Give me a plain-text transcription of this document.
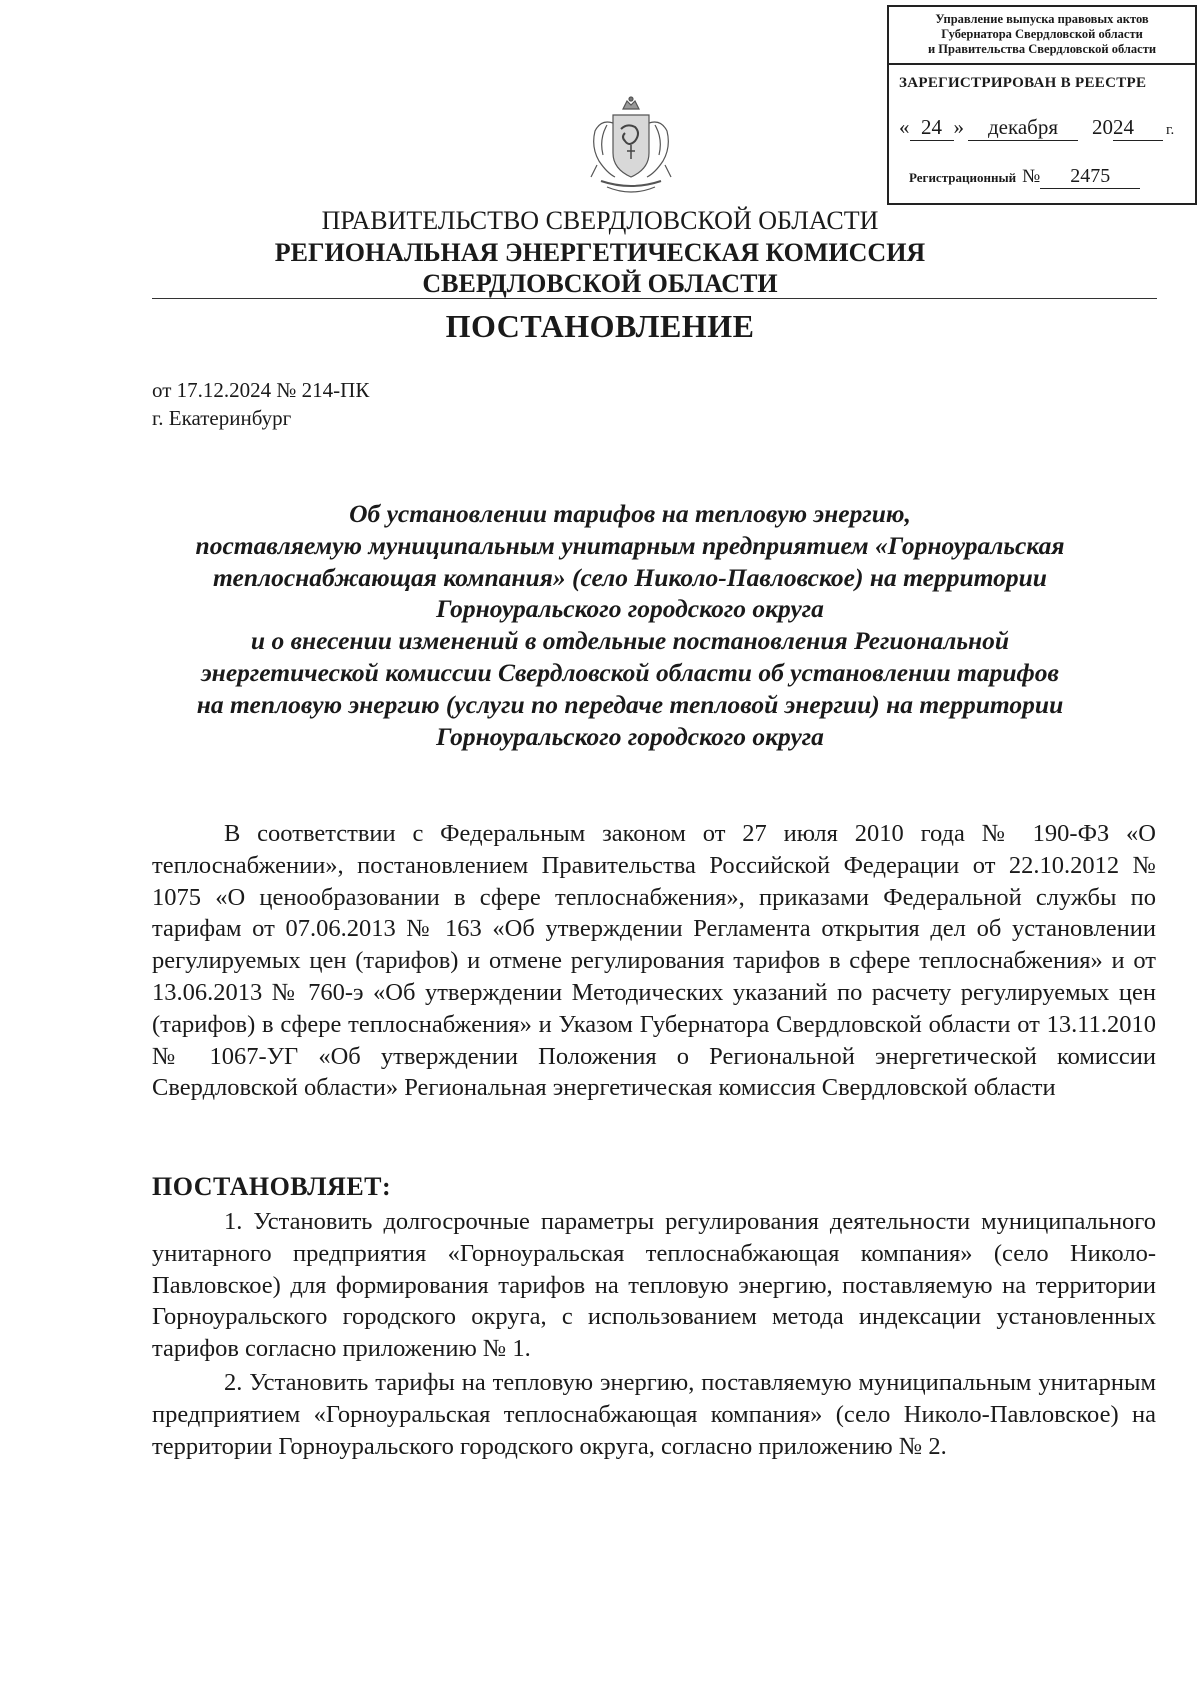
Управление выпуска правовых актов
Губернатора Свердловской области
и Правительства Свердловской области
ЗАРЕГИСТРИРОВАН В РЕЕСТРЕ
« 24 » декабря 2024 г.
Регистрационный № 2475
ПРАВИТЕЛЬСТВО СВЕРДЛОВСКОЙ ОБЛАСТИ
РЕГИОНАЛЬНАЯ ЭНЕРГЕТИЧЕСКАЯ КОМИССИЯ
СВЕРДЛОВСКОЙ ОБЛАСТИ
ПОСТАНОВЛЕНИЕ
от 17.12.2024 № 214-ПК
г. Екатеринбург
Об установлении тарифов на тепловую энергию,
поставляемую муниципальным унитарным предприятием «Горноуральская
теплоснабжающая компания» (село Николо-Павловское) на территории
Горноуральского городского округа
и о внесении изменений в отдельные постановления Региональной
энергетической комиссии Свердловской области об установлении тарифов
на тепловую энергию (услуги по передаче тепловой энергии) на территории
Горноуральского городского округа

В соответствии с Федеральным законом от 27 июля 2010 года № 190-ФЗ «О теплоснабжении», постановлением Правительства Российской Федерации от 22.10.2012 № 1075 «О ценообразовании в сфере теплоснабжения», приказами Федеральной службы по тарифам от 07.06.2013 № 163 «Об утверждении Регламента открытия дел об установлении регулируемых цен (тарифов) и отмене регулирования тарифов в сфере теплоснабжения» и от 13.06.2013 № 760-э «Об утверждении Методических указаний по расчету регулируемых цен (тарифов) в сфере теплоснабжения» и Указом Губернатора Свердловской области от 13.11.2010 № 1067-УГ «Об утверждении Положения о Региональной энергетической комиссии Свердловской области» Региональная энергетическая комиссия Свердловской области

ПОСТАНОВЛЯЕТ:

1. Установить долгосрочные параметры регулирования деятельности муниципального унитарного предприятия «Горноуральская теплоснабжающая компания» (село Николо-Павловское) для формирования тарифов на тепловую энергию, поставляемую на территории Горноуральского городского округа, с использованием метода индексации установленных тарифов согласно приложению № 1.

2. Установить тарифы на тепловую энергию, поставляемую муниципальным унитарным предприятием «Горноуральская теплоснабжающая компания» (село Николо-Павловское) на территории Горноуральского городского округа, согласно приложению № 2.
